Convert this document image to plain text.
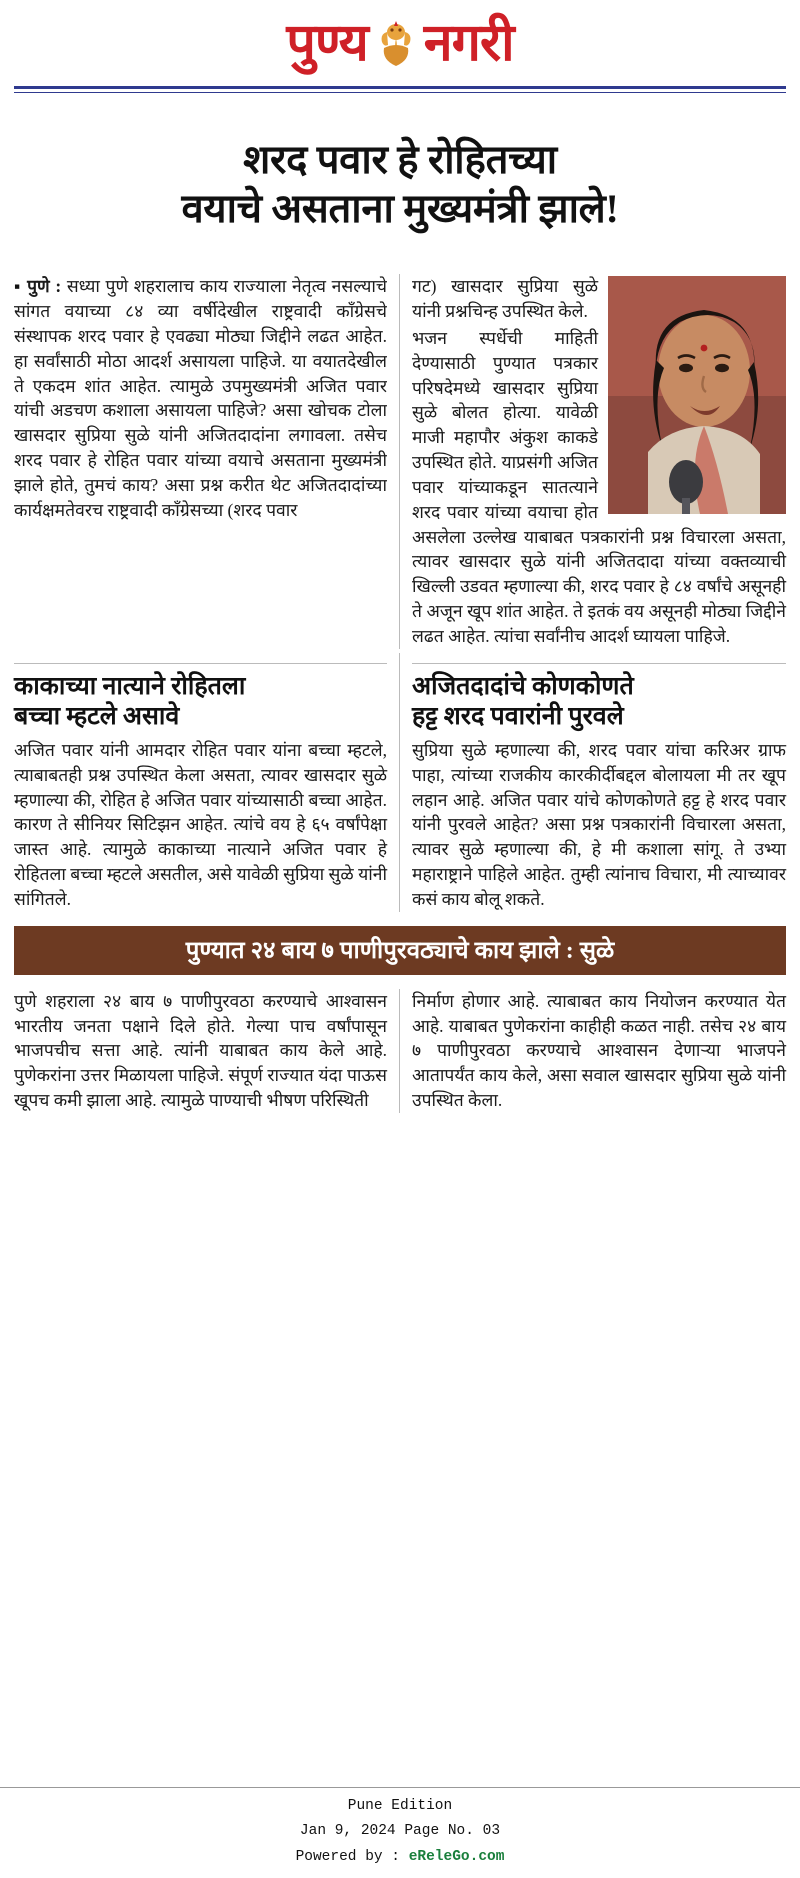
पुण्य नगरी
शरद पवार हे रोहितच्या
वयाचे असताना मुख्यमंत्री झाले!

▪ पुणे : सध्या पुणे शहरालाच काय राज्याला नेतृत्व नसल्याचे सांगत वयाच्या ८४ व्या वर्षीदेखील राष्ट्रवादी काँग्रेसचे संस्थापक शरद पवार हे एवढ्या मोठ्या जिद्दीने लढत आहेत. हा सर्वांसाठी मोठा आदर्श असायला पाहिजे. या वयातदेखील ते एकदम शांत आहेत. त्यामुळे उपमुख्यमंत्री अजित पवार यांची अडचण कशाला असायला पाहिजे? असा खोचक टोला खासदार सुप्रिया सुळे यांनी अजितदादांना लगावला. तसेच शरद पवार हे रोहित पवार यांच्या वयाचे असताना मुख्यमंत्री झाले होते, तुमचं काय? असा प्रश्न करीत थेट अजितदादांच्या कार्यक्षमतेवरच राष्ट्रवादी काँग्रेसच्या (शरद पवार

गट) खासदार सुप्रिया सुळे यांनी प्रश्नचिन्ह उपस्थित केले.

भजन स्पर्धेची माहिती देण्यासाठी पुण्यात पत्रकार परिषदेमध्ये खासदार सुप्रिया सुळे बोलत होत्या. यावेळी माजी महापौर अंकुश काकडे उपस्थित होते. याप्रसंगी अजित पवार यांच्याकडून सातत्याने शरद पवार यांच्या वयाचा होत असलेला उल्लेख याबाबत पत्रकारांनी प्रश्न विचारला असता, त्यावर खासदार सुळे यांनी अजितदादा यांच्या वक्तव्याची खिल्ली उडवत म्हणाल्या की, शरद पवार हे ८४ वर्षांचे असूनही ते अजून खूप शांत आहेत. ते इतकं वय असूनही मोठ्या जिद्दीने लढत आहेत. त्यांचा सर्वांनीच आदर्श घ्यायला पाहिजे.

काकाच्या नात्याने रोहितला
बच्चा म्हटले असावे

अजित पवार यांनी आमदार रोहित पवार यांना बच्चा म्हटले, त्याबाबतही प्रश्न उपस्थित केला असता, त्यावर खासदार सुळे म्हणाल्या की, रोहित हे अजित पवार यांच्यासाठी बच्चा आहेत. कारण ते सीनियर सिटिझन आहेत. त्यांचे वय हे ६५ वर्षांपेक्षा जास्त आहे. त्यामुळे काकाच्या नात्याने अजित पवार हे रोहितला बच्चा म्हटले असतील, असे यावेळी सुप्रिया सुळे यांनी सांगितले.

अजितदादांचे कोणकोणते
हट्ट शरद पवारांनी पुरवले

सुप्रिया सुळे म्हणाल्या की, शरद पवार यांचा करिअर ग्राफ पाहा, त्यांच्या राजकीय कारकीर्दीबद्दल बोलायला मी तर खूप लहान आहे. अजित पवार यांचे कोणकोणते हट्ट हे शरद पवार यांनी पुरवले आहेत? असा प्रश्न पत्रकारांनी विचारला असता, त्यावर सुळे म्हणाल्या की, हे मी कशाला सांगू. ते उभ्या महाराष्ट्राने पाहिले आहेत. तुम्ही त्यांनाच विचारा, मी त्याच्यावर कसं काय बोलू शकते.

पुण्यात २४ बाय ७ पाणीपुरवठ्याचे काय झाले : सुळे

पुणे शहराला २४ बाय ७ पाणीपुरवठा करण्याचे आश्वासन भारतीय जनता पक्षाने दिले होते. गेल्या पाच वर्षांपासून भाजपचीच सत्ता आहे. त्यांनी याबाबत काय केले आहे. पुणेकरांना उत्तर मिळायला पाहिजे. संपूर्ण राज्यात यंदा पाऊस खूपच कमी झाला आहे. त्यामुळे पाण्याची भीषण परिस्थिती

निर्माण होणार आहे. त्याबाबत काय नियोजन करण्यात येत आहे. याबाबत पुणेकरांना काहीही कळत नाही. तसेच २४ बाय ७ पाणीपुरवठा करण्याचे आश्वासन देणाऱ्या भाजपने आतापर्यंत काय केले, असा सवाल खासदार सुप्रिया सुळे यांनी उपस्थित केला.

Pune Edition
Jan 9, 2024 Page No. 03
Powered by : eReleGo.com
